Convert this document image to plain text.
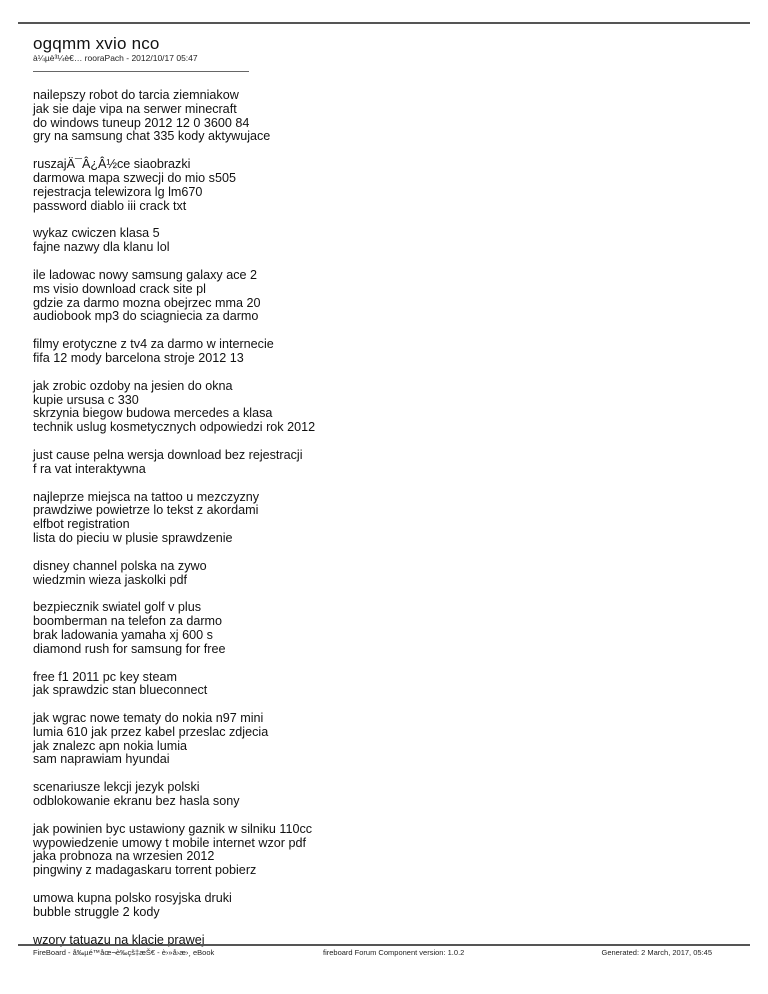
ogqmm xvio nco
à¼µè³¼è€… rooraPach - 2012/10/17 05:47
nailepszy robot do tarcia ziemniakow
jak sie daje vipa na serwer minecraft
do windows tuneup 2012 12 0 3600 84
gry na samsung chat 335 kody aktywujace
ruszajÄ¯Â¿Â½ce siaobrazki
darmowa mapa szwecji do mio s505
rejestracja telewizora lg lm670
password diablo iii crack txt
wykaz cwiczen klasa 5
fajne nazwy dla klanu lol
ile ladowac nowy samsung galaxy ace 2
ms visio download crack site pl
gdzie za darmo mozna obejrzec mma 20
audiobook mp3 do sciagniecia za darmo
filmy erotyczne z tv4 za darmo w internecie
fifa 12 mody barcelona stroje 2012 13
jak zrobic ozdoby na jesien do okna
kupie ursusa c 330
skrzynia biegow budowa mercedes a klasa
technik uslug kosmetycznych odpowiedzi rok 2012
just cause pelna wersja download bez rejestracji
f ra vat interaktywna
najleprze miejsca na tattoo u mezczyzny
prawdziwe powietrze lo tekst z akordami
elfbot registration
lista do pieciu w plusie sprawdzenie
disney channel polska na zywo
wiedzmin wieza jaskolki pdf
bezpiecznik swiatel golf v plus
boomberman na telefon za darmo
brak ladowania yamaha xj 600 s
diamond rush for samsung for free
free f1 2011 pc key steam
jak sprawdzic stan blueconnect
jak wgrac nowe tematy do nokia n97 mini
lumia 610 jak przez kabel przeslac zdjecia
jak znalezc apn nokia lumia
sam naprawiam hyundai
scenariusze lekcji jezyk polski
odblokowanie ekranu bez hasla sony
jak powinien byc ustawiony gaznik w silniku 110cc
wypowiedzenie umowy t mobile internet wzor pdf
jaka probnoza na wrzesien 2012
pingwiny z madagaskaru torrent pobierz
umowa kupna polsko rosyjska druki
bubble struggle 2 kody
wzory tatuazu na klacie prawej
FireBoard - å‰µé™åœ¬è‰çš‡æŠ€ - è›»å›æ›¸ eBook	fireboard Forum Component version: 1.0.2	Generated: 2 March, 2017, 05:45
